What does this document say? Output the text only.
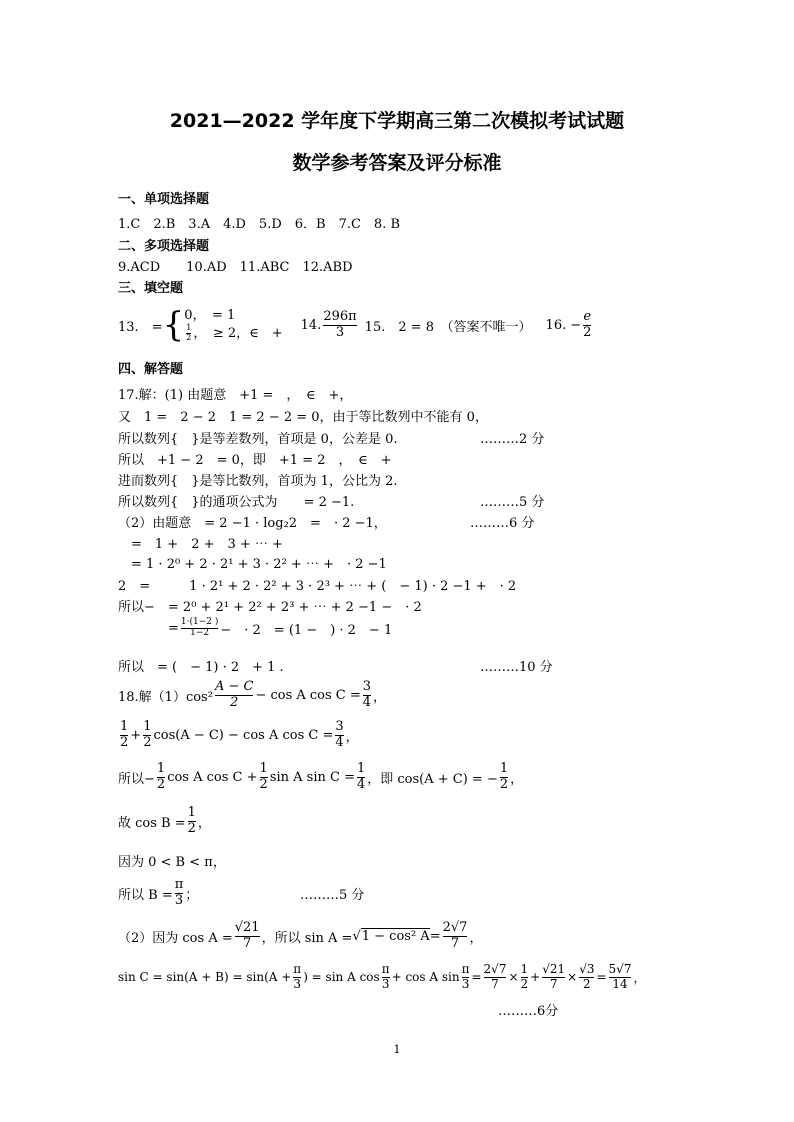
2021—2022 学年度下学期高三第二次模拟考试试题
数学参考答案及评分标准
一、单项选择题
1.C　2.B　3.A　4.D　5.D　6．B　7.C　8. B
二、多项选择题
9.ACD　　10.AD　11.ABC　12.ABD
三、填空题
13.　= { 0，　= 1
$\frac{1}{2}$ ，　≥ 2，∈　+
14. $\frac{296\pi}{3} 15$.　2 = 8　（答案不唯一） 16. − $\frac{e}{2}$
四、解答题
17.解：(1) 由题意　+1 =　，　∈　+，
又　1 =　2 − 2　1 = 2 − 2 = 0，由于等比数列中不能有 0，
所以数列{　}是等差数列，首项是 0，公差是 0.	………2 分
所以　+1 − 2　= 0，即　+1 = 2　，　∈　+
进而数列{　}是等比数列，首项为 1，公比为 2.
所以数列{　}的通项公式为　　= 2 −1.	………5 分
（2）由题意　= 2 −1 · log₂2　=　· 2 −1，	………6 分
　=　1 +　2 +　3 + ⋯ +
　= 1 · 2⁰ + 2 · 2¹ + 3 · 2² + ⋯ +　· 2 −1
2　=　　　1 · 2¹ + 2 · 2² + 3 · 2³ + ⋯ + (　− 1) · 2 −1 +　· 2
所以−　= 2⁰ + 2¹ + 2² + 2³ + ⋯ + 2 −1 −　· 2
= $\frac{1\cdot(1-2 )}{1-2}$ −　· 2　= (1 −　) · 2　− 1
所以　= (　− 1) · 2　+ 1 .	………10 分
18.解$(1)\cos^2 \frac{A - C}{2} - \cos A$ $\cos C = \frac{3}{4}$ ，
$\frac{1}{2} + \frac{1}{2} \cos(A - C) - \cos A$ $\cos C = \frac{3}{4}$ ，
所以− $\frac{1}{2}$ cos A $\cos C + \frac{1}{2}$ sin A $\sin C = \frac{1}{4}$ ，即 cos(A + C) = − $\frac{1}{2}$ ，
故 $\cos B = \frac{1}{2}$ ，
因为 0 < B < π，
所以 $B = \frac{\pi}{3}$ ；	………5 分
（2）因为 $\cos A = \frac{√21}{7}$ ，所以 sin A = √ 1 − cos² $A = \frac{2√7}{7}$ ，
$\sin C = \sin(A + B) = \sin(A + \frac{\pi}{3}$ ) = sin A $\cos \frac{\pi}{3} + \cos A$ $\sin \frac{\pi}{3} = \frac{2√7}{7} \times \frac{1}{2} + \frac{√21}{7} \times \frac{√3}{2} = \frac{5√7}{14}$ ，
………6分
1
